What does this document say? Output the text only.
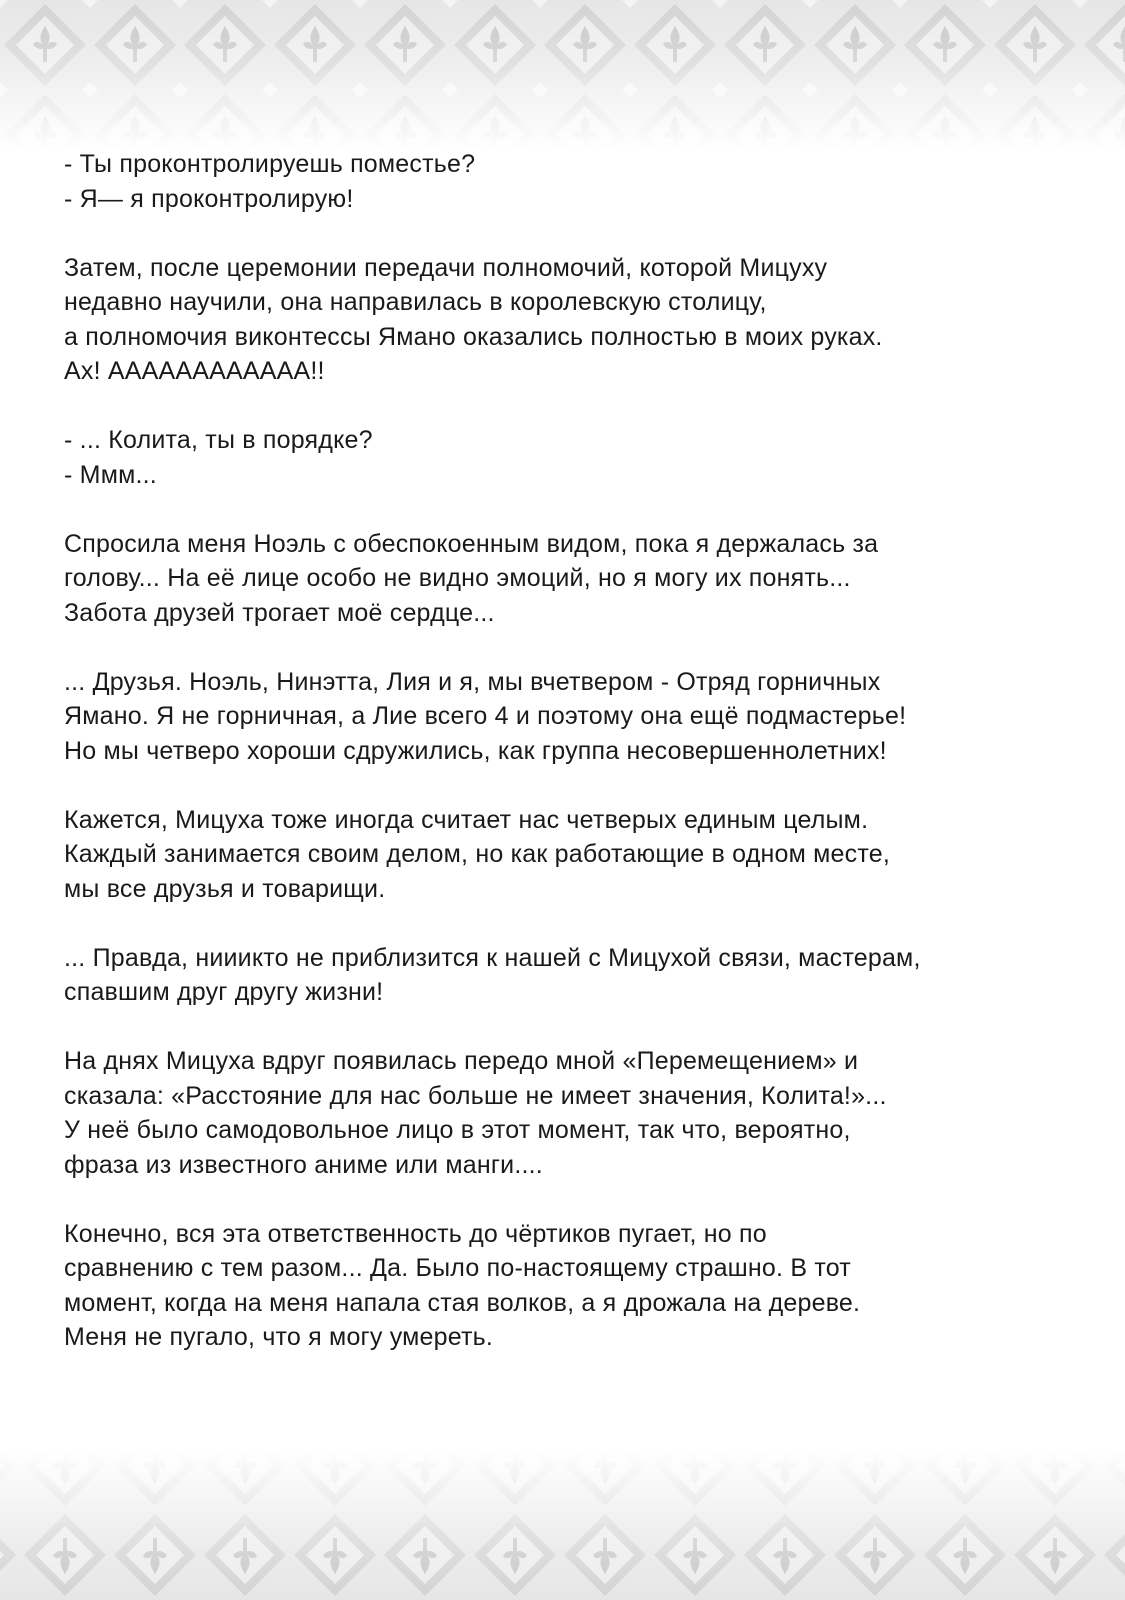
- Ты проконтролируешь поместье?
- Я— я проконтролирую!

Затем, после церемонии передачи полномочий, которой Мицуху
недавно научили, она направилась в королевскую столицу,
а полномочия виконтессы Ямано оказались полностью в моих руках.
Ах! АААААААААААА!!

- ... Колита, ты в порядке?
- Ммм...

Спросила меня Ноэль с обеспокоенным видом, пока я держалась за
голову... На её лице особо не видно эмоций, но я могу их понять...
Забота друзей трогает моё сердце...

... Друзья. Ноэль, Нинэтта, Лия и я, мы вчетвером - Отряд горничных
Ямано. Я не горничная, а Лие всего 4 и поэтому она ещё подмастерье!
Но мы четверо хороши сдружились, как группа несовершеннолетних!

Кажется, Мицуха тоже иногда считает нас четверых единым целым.
Каждый занимается своим делом, но как работающие в одном месте,
мы все друзья и товарищи.

... Правда, нииикто не приблизится к нашей с Мицухой связи, мастерам,
спавшим друг другу жизни!

На днях Мицуха вдруг появилась передо мной «Перемещением» и
сказала: «Расстояние для нас больше не имеет значения, Колита!»...
У неё было самодовольное лицо в этот момент, так что, вероятно,
фраза из известного аниме или манги....

Конечно, вся эта ответственность до чёртиков пугает, но по
сравнению с тем разом... Да. Было по-настоящему страшно. В тот
момент, когда на меня напала стая волков, а я дрожала на дереве.
Меня не пугало, что я могу умереть.
